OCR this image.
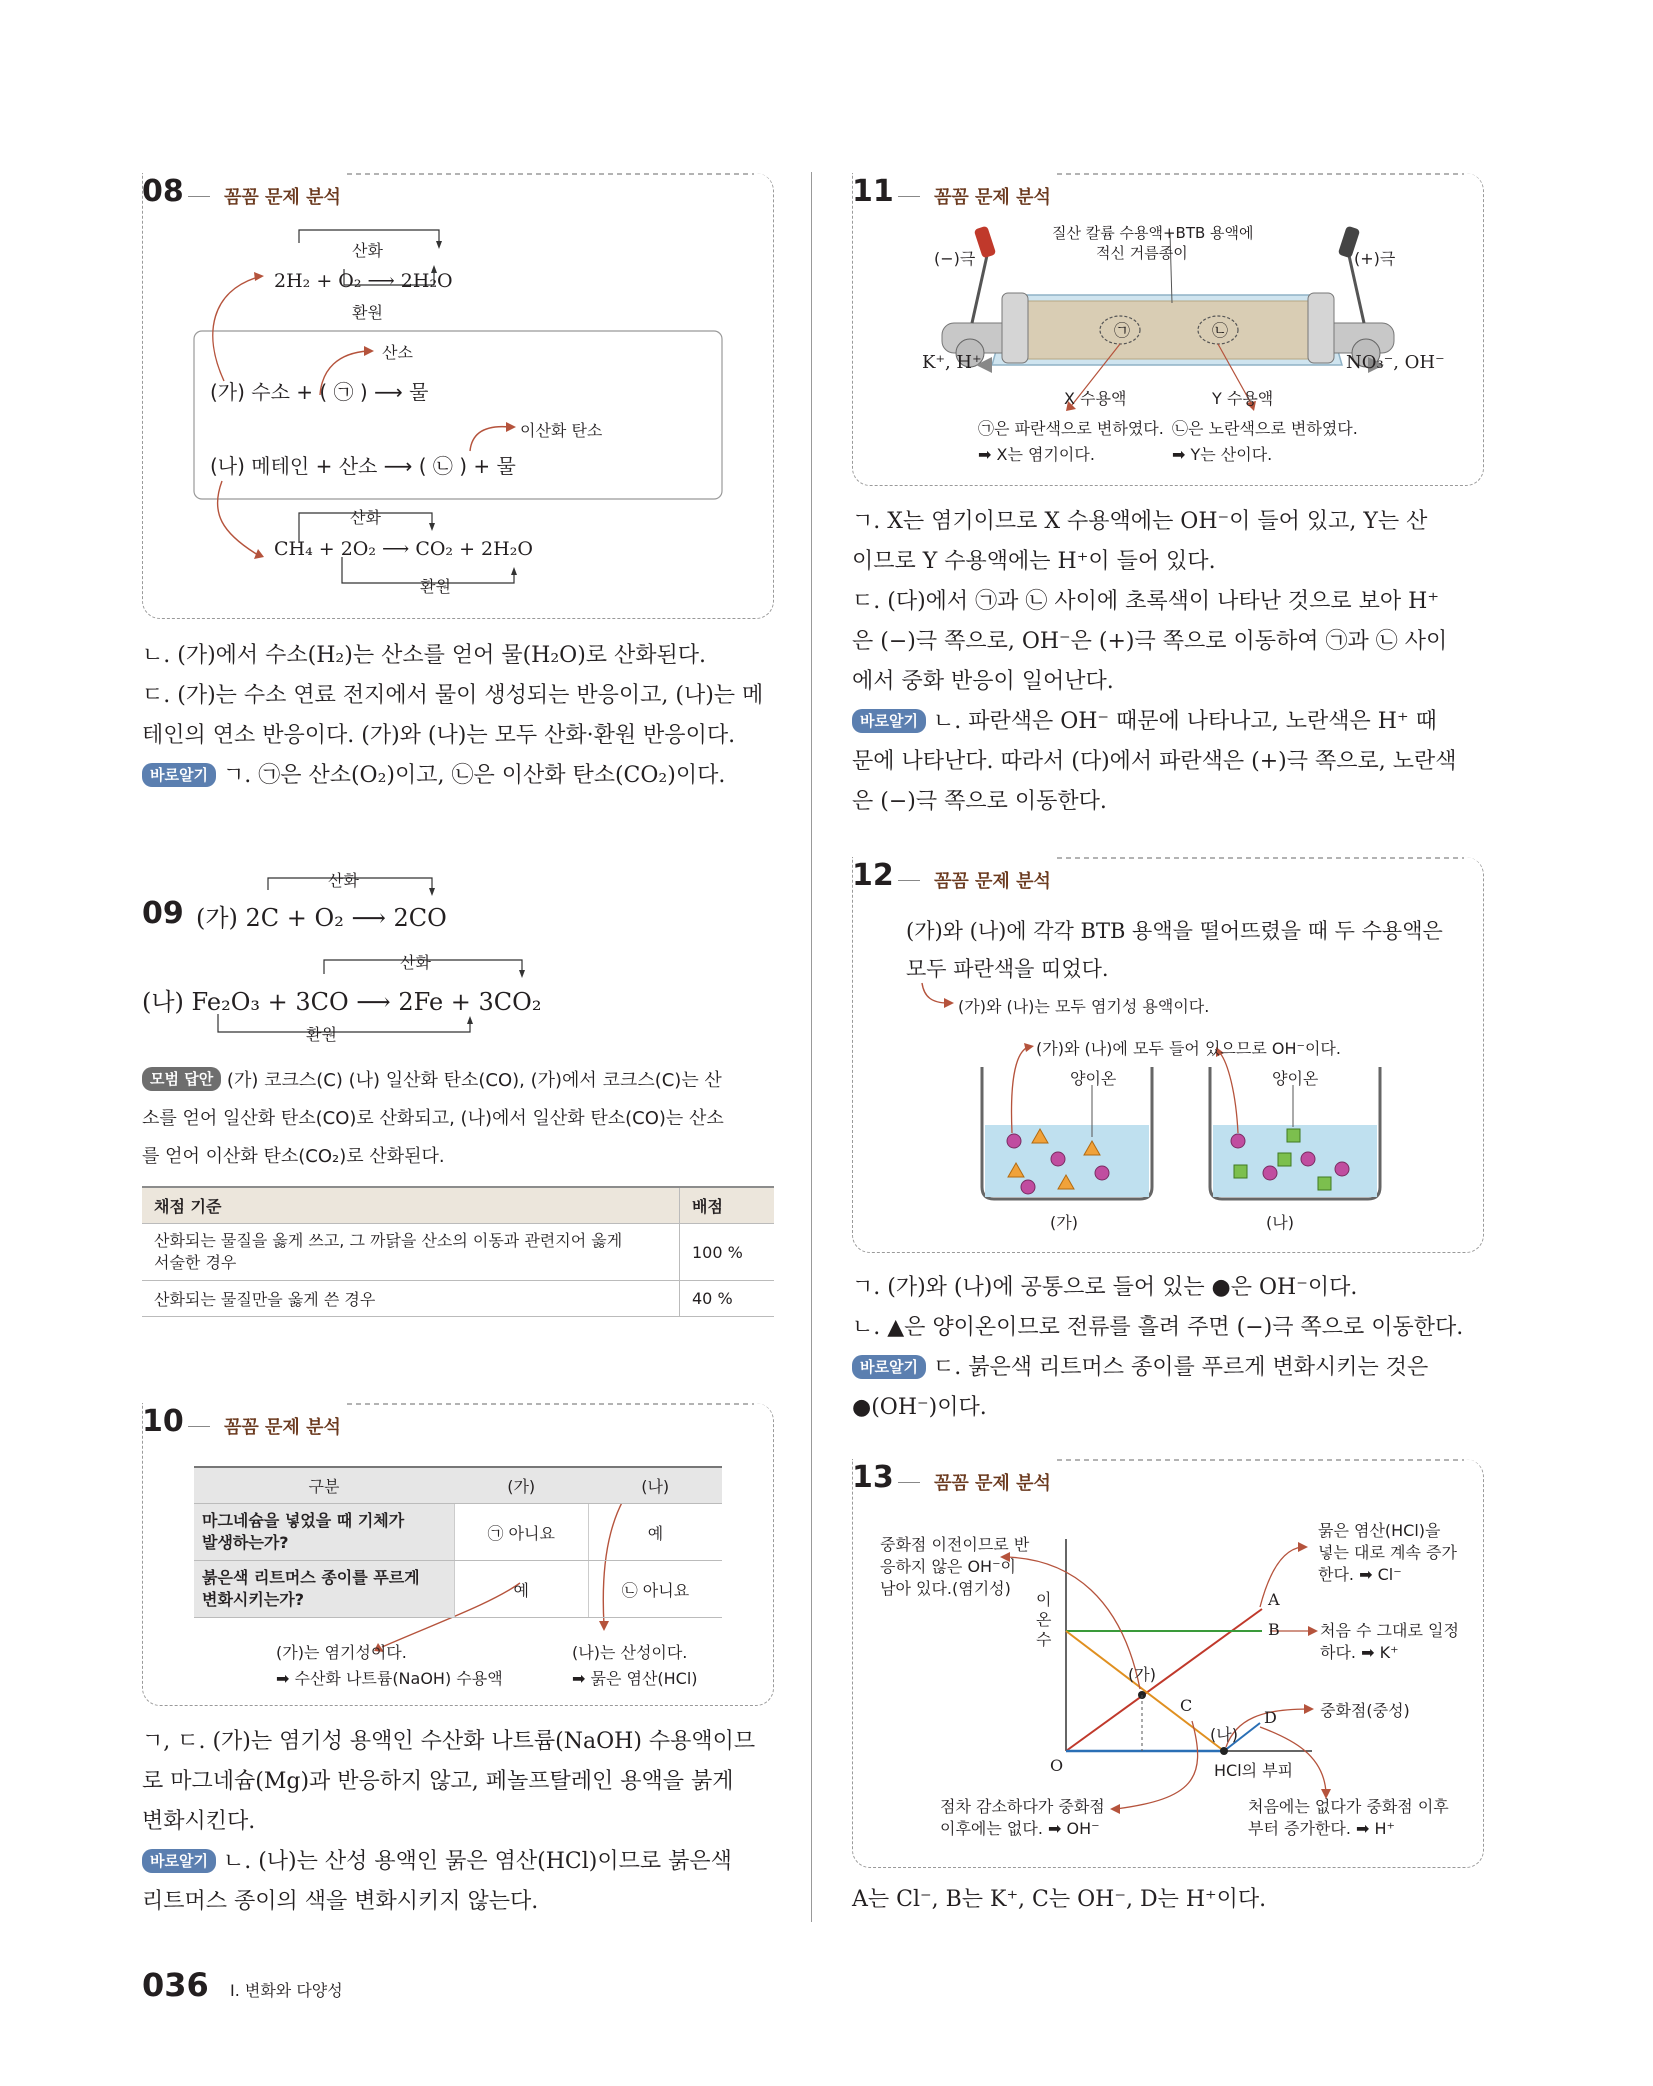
08 꼼꼼 문제 분석
산화
2H₂ + O₂ ⟶ 2H₂O
환원
산소
(가) 수소 + ( ㉠ ) ⟶ 물
이산화 탄소
(나) 메테인 + 산소 ⟶ ( ㉡ ) + 물
산화
CH₄ + 2O₂ ⟶ CO₂ + 2H₂O
환원
ㄴ. (가)에서 수소(H₂)는 산소를 얻어 물(H₂O)로 산화된다.
ㄷ. (가)는 수소 연료 전지에서 물이 생성되는 반응이고, (나)는 메
테인의 연소 반응이다. (가)와 (나)는 모두 산화·환원 반응이다.
바로알기 ㄱ. ㉠은 산소(O₂)이고, ㉡은 이산화 탄소(CO₂)이다.
산화
09 (가) 2C + O₂ ⟶ 2CO
산화
(나) Fe₂O₃ + 3CO ⟶ 2Fe + 3CO₂
환원
모범 답안 (가) 코크스(C) (나) 일산화 탄소(CO), (가)에서 코크스(C)는 산
소를 얻어 일산화 탄소(CO)로 산화되고, (나)에서 일산화 탄소(CO)는 산소
를 얻어 이산화 탄소(CO₂)로 산화된다.
채점 기준	배점

산화되는 물질을 옳게 쓰고, 그 까닭을 산소의 이동과 관련지어 옳게
서술한 경우	100 %
산화되는 물질만을 옳게 쓴 경우	40 %
10 꼼꼼 문제 분석
구분	(가)	(나)

마그네슘을 넣었을 때 기체가
발생하는가?	㉠ 아니요	예

붉은색 리트머스 종이를 푸르게
변화시키는가?	예	㉡ 아니요
(가)는 염기성이다.
➡ 수산화 나트륨(NaOH) 수용액
(나)는 산성이다.
➡ 묽은 염산(HCl)
ㄱ, ㄷ. (가)는 염기성 용액인 수산화 나트륨(NaOH) 수용액이므
로 마그네슘(Mg)과 반응하지 않고, 페놀프탈레인 용액을 붉게
변화시킨다.
바로알기 ㄴ. (나)는 산성 용액인 묽은 염산(HCl)이므로 붉은색
리트머스 종이의 색을 변화시키지 않는다.
11 꼼꼼 문제 분석
(−)극	(+)극
질산 칼륨 수용액+BTB 용액에
적신 거름종이
㉠	㉡
K⁺, H⁺	NO₃⁻, OH⁻
X 수용액	Y 수용액
㉠은 파란색으로 변하였다.
➡ X는 염기이다.
㉡은 노란색으로 변하였다.
➡ Y는 산이다.
ㄱ. X는 염기이므로 X 수용액에는 OH⁻이 들어 있고, Y는 산
이므로 Y 수용액에는 H⁺이 들어 있다.
ㄷ. (다)에서 ㉠과 ㉡ 사이에 초록색이 나타난 것으로 보아 H⁺
은 (−)극 쪽으로, OH⁻은 (+)극 쪽으로 이동하여 ㉠과 ㉡ 사이
에서 중화 반응이 일어난다.
바로알기 ㄴ. 파란색은 OH⁻ 때문에 나타나고, 노란색은 H⁺ 때
문에 나타난다. 따라서 (다)에서 파란색은 (+)극 쪽으로, 노란색
은 (−)극 쪽으로 이동한다.
12 꼼꼼 문제 분석
(가)와 (나)에 각각 BTB 용액을 떨어뜨렸을 때 두 수용액은
모두 파란색을 띠었다.
(가)와 (나)는 모두 염기성 용액이다.
(가)와 (나)에 모두 들어 있으므로 OH⁻이다.
양이온	양이온
(가)	(나)
ㄱ. (가)와 (나)에 공통으로 들어 있는 ●은 OH⁻이다.
ㄴ. ▲은 양이온이므로 전류를 흘려 주면 (−)극 쪽으로 이동한다.
바로알기 ㄷ. 붉은색 리트머스 종이를 푸르게 변화시키는 것은
●(OH⁻)이다.
13 꼼꼼 문제 분석
중화점 이전이므로 반
응하지 않은 OH⁻이
남아 있다.(염기성)
묽은 염산(HCl)을
넣는 대로 계속 증가
한다. ➡ Cl⁻
처음 수 그대로 일정
하다. ➡ K⁺
중화점(중성)
점차 감소하다가 중화점
이후에는 없다. ➡ OH⁻
처음에는 없다가 중화점 이후
부터 증가한다. ➡ H⁺
이온 수
HCl의 부피
O
A
B
C
D
(가)
(나)
A는 Cl⁻, B는 K⁺, C는 OH⁻, D는 H⁺이다.
036 I. 변화와 다양성
